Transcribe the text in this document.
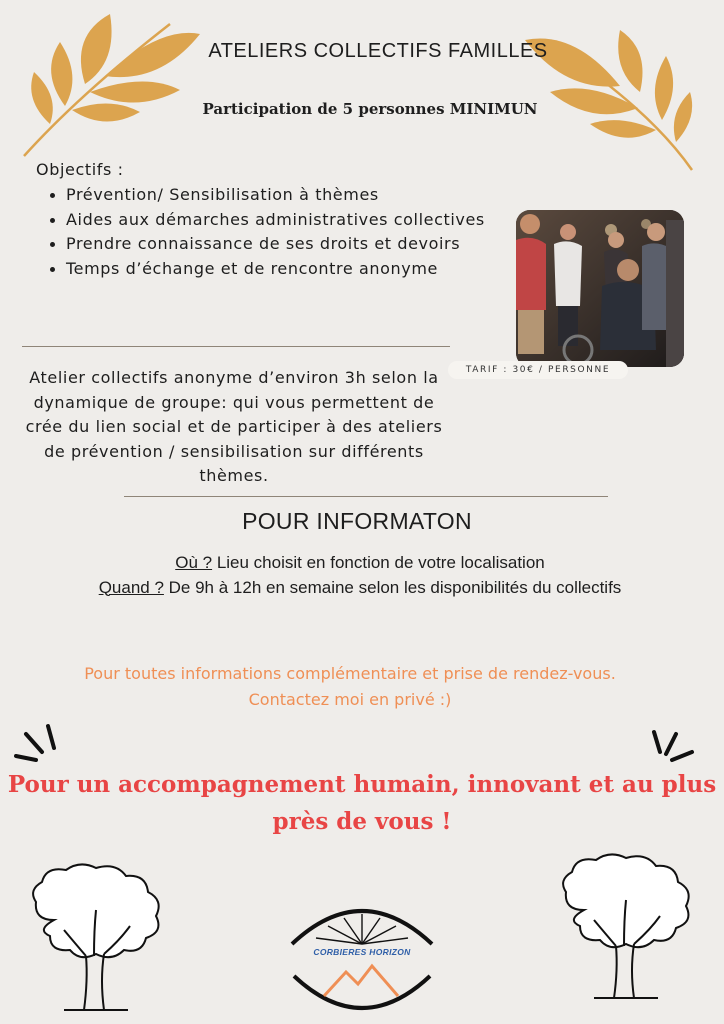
ATELIERS COLLECTIFS FAMILLES
Participation de 5 personnes MINIMUN
Objectifs :
Prévention/ Sensibilisation à thèmes
Aides aux démarches administratives collectives
Prendre connaissance de ses droits et devoirs
Temps d’échange et de rencontre anonyme
TARIF : 30€ / PERSONNE
Atelier collectifs anonyme d’environ 3h selon la dynamique de groupe: qui vous permettent de crée du lien social et de participer à des ateliers de prévention / sensibilisation sur différents thèmes.
POUR INFORMATON
Où ? Lieu choisit en fonction de votre localisation
Quand ? De 9h à 12h en semaine selon les disponibilités du collectifs
Pour toutes informations complémentaire et prise de rendez-vous.
Contactez moi en privé :)
Pour un accompagnement humain, innovant et au plus près de vous !
CORBIERES HORIZON
